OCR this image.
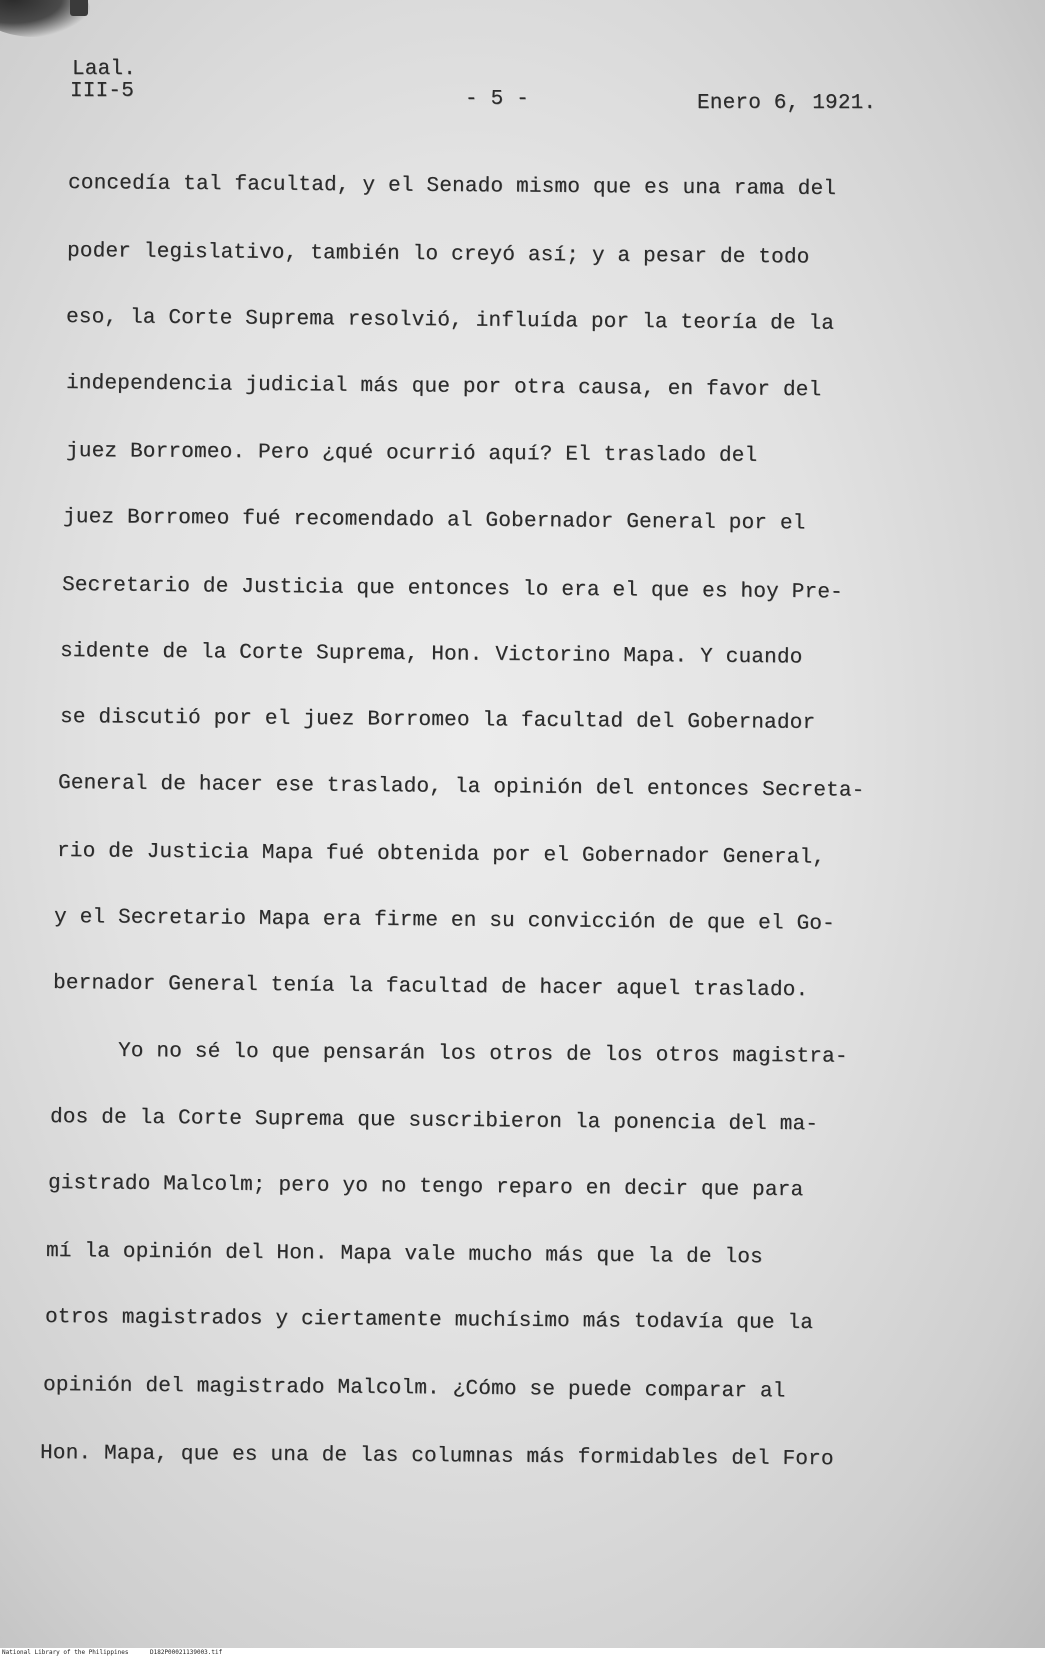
Laal.
III-5	- 5 -	Enero 6, 1921.
concedía tal facultad, y el Senado mismo que es una rama del
poder legislativo, también lo creyó así; y a pesar de todo
eso, la Corte Suprema resolvió, influída por la teoría de la
independencia judicial más que por otra causa, en favor del
juez Borromeo. Pero ¿qué ocurrió aquí? El traslado del
juez Borromeo fué recomendado al Gobernador General por el
Secretario de Justicia que entonces lo era el que es hoy Pre-
sidente de la Corte Suprema, Hon. Victorino Mapa. Y cuando
se discutió por el juez Borromeo la facultad del Gobernador
General de hacer ese traslado, la opinión del entonces Secreta-
rio de Justicia Mapa fué obtenida por el Gobernador General,
y el Secretario Mapa era firme en su convicción de que el Go-
bernador General tenía la facultad de hacer aquel traslado.
Yo no sé lo que pensarán los otros de los otros magistra-
dos de la Corte Suprema que suscribieron la ponencia del ma-
gistrado Malcolm; pero yo no tengo reparo en decir que para
mí la opinión del Hon. Mapa vale mucho más que la de los
otros magistrados y ciertamente muchísimo más todavía que la
opinión del magistrado Malcolm. ¿Cómo se puede comparar al
Hon. Mapa, que es una de las columnas más formidables del Foro
National Library of the Philippines	D182P00021139003.tif
